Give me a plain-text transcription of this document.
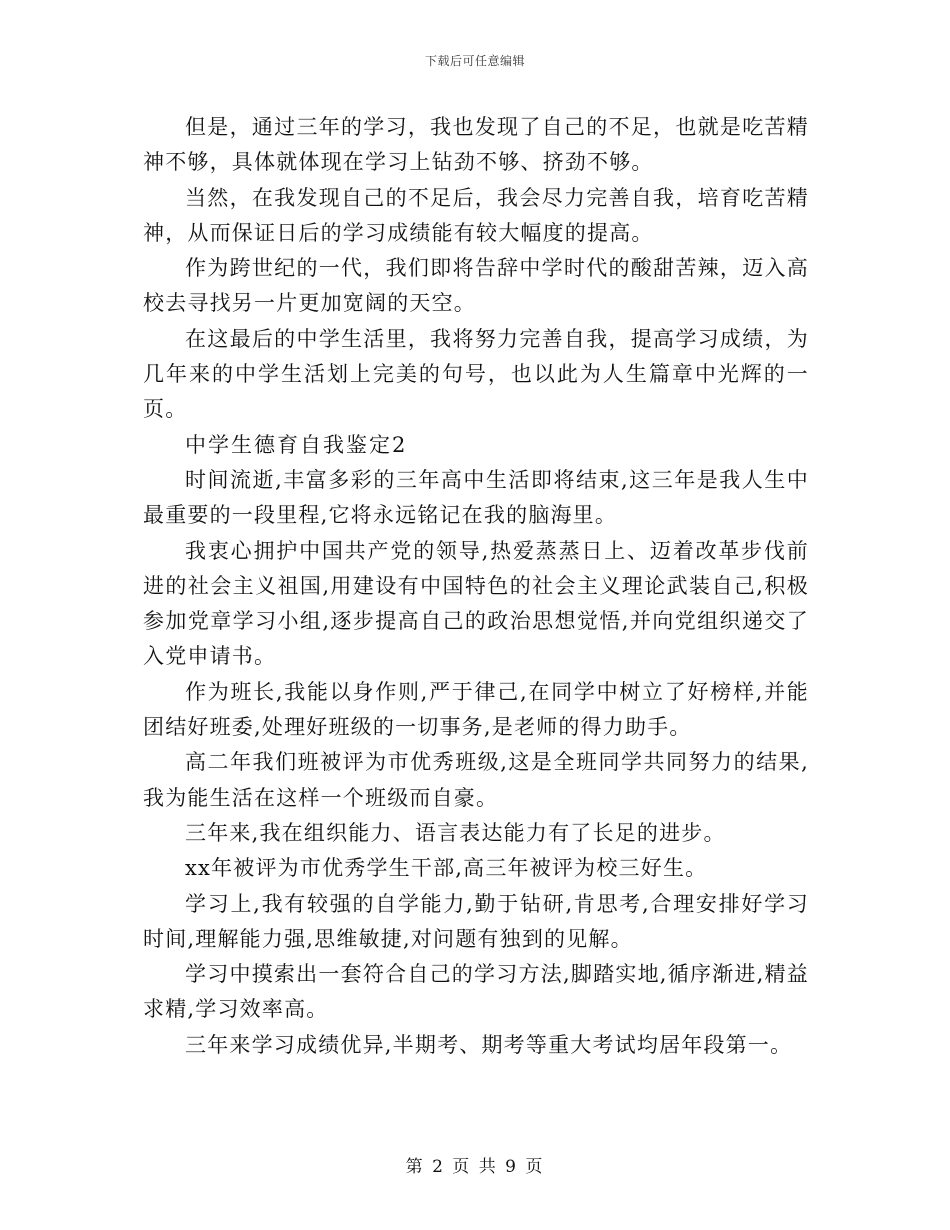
下载后可任意编辑

但是，通过三年的学习，我也发现了自己的不足，也就是吃苦精神不够，具体就体现在学习上钻劲不够、挤劲不够。

当然，在我发现自己的不足后，我会尽力完善自我，培育吃苦精神，从而保证日后的学习成绩能有较大幅度的提高。

作为跨世纪的一代，我们即将告辞中学时代的酸甜苦辣，迈入高校去寻找另一片更加宽阔的天空。

在这最后的中学生活里，我将努力完善自我，提高学习成绩，为几年来的中学生活划上完美的句号，也以此为人生篇章中光辉的一页。

中学生德育自我鉴定2

时间流逝,丰富多彩的三年高中生活即将结束,这三年是我人生中最重要的一段里程,它将永远铭记在我的脑海里。

我衷心拥护中国共产党的领导,热爱蒸蒸日上、迈着改革步伐前进的社会主义祖国,用建设有中国特色的社会主义理论武装自己,积极参加党章学习小组,逐步提高自己的政治思想觉悟,并向党组织递交了入党申请书。

作为班长,我能以身作则,严于律己,在同学中树立了好榜样,并能团结好班委,处理好班级的一切事务,是老师的得力助手。

高二年我们班被评为市优秀班级,这是全班同学共同努力的结果,我为能生活在这样一个班级而自豪。

三年来,我在组织能力、语言表达能力有了长足的进步。

xx年被评为市优秀学生干部,高三年被评为校三好生。

学习上,我有较强的自学能力,勤于钻研,肯思考,合理安排好学习时间,理解能力强,思维敏捷,对问题有独到的见解。

学习中摸索出一套符合自己的学习方法,脚踏实地,循序渐进,精益求精,学习效率高。

三年来学习成绩优异,半期考、期考等重大考试均居年段第一。

第 2 页 共 9 页
